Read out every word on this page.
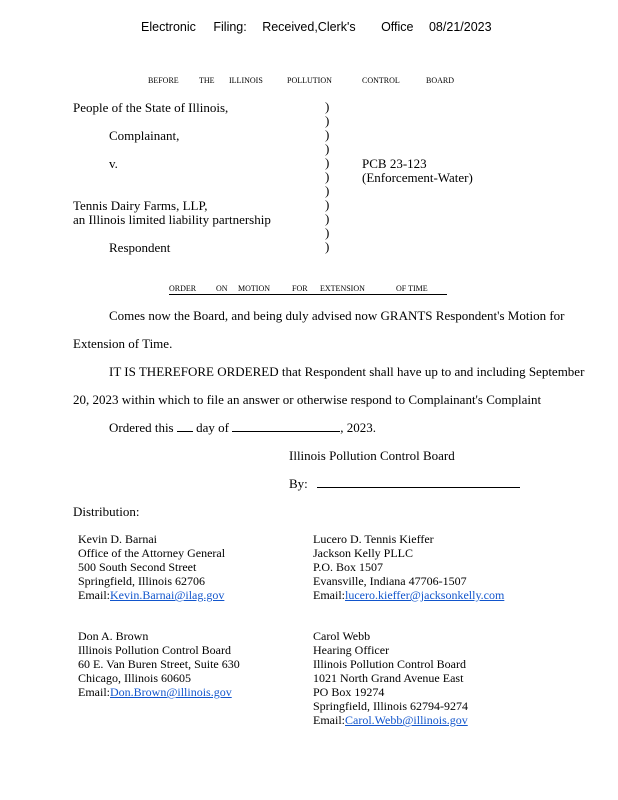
Electronic Filing: Received,Clerk's Office 08/21/2023
BEFORE	THE ILLINOIS	POLLUTION	CONTROL	BOARD
People of the State of Illinois,
Complainant,
v.
Tennis Dairy Farms, LLP,
an Illinois limited liability partnership
Respondent
)
)
)
)
)
)
)
)
)
)
)
PCB 23-123
(Enforcement-Water)
ORDER ON MOTION	FOR EXTENSION	OF TIME
Comes now the Board, and being duly advised now GRANTS Respondent's Motion for
Extension of Time.
IT IS THEREFORE ORDERED that Respondent shall have up to and including September
20, 2023 within which to file an answer or otherwise respond to Complainant's Complaint
Ordered this day of	, 2023.
Illinois Pollution Control Board
By:
Distribution:
Kevin D. Barnai
Office of the Attorney General
500 South Second Street
Springfield, Illinois 62706
Email:Kevin.Barnai@ilag.gov
Lucero D. Tennis Kieffer
Jackson Kelly PLLC
P.O. Box 1507
Evansville, Indiana 47706-1507
Email:lucero.kieffer@jacksonkelly.com
Don A. Brown
Illinois Pollution Control Board
60 E. Van Buren Street, Suite 630
Chicago, Illinois 60605
Email:Don.Brown@illinois.gov
Carol Webb
Hearing Officer
Illinois Pollution Control Board
1021 North Grand Avenue East
PO Box 19274
Springfield, Illinois 62794-9274
Email:Carol.Webb@illinois.gov
